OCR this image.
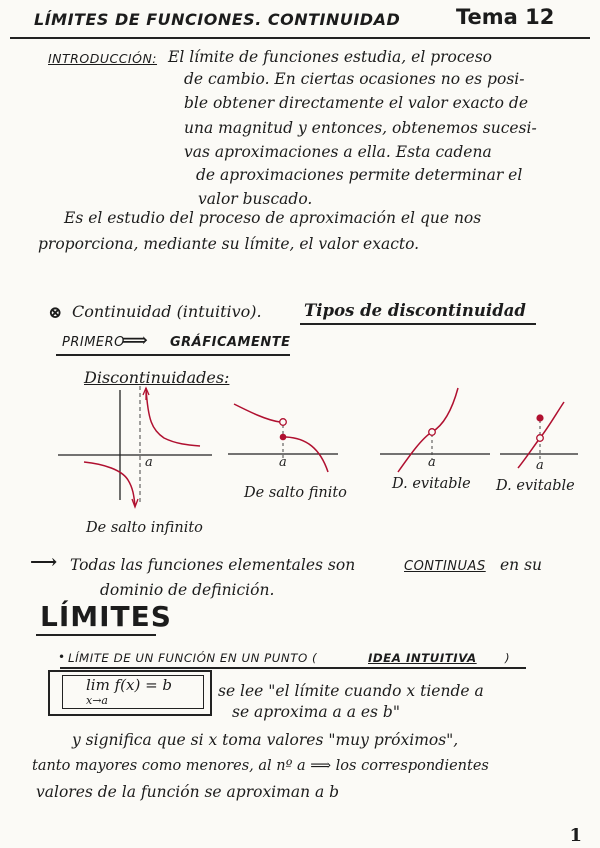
LÍMITES DE FUNCIONES. CONTINUIDAD	Tema 12
INTRODUCCIÓN: El límite de funciones estudia, el proceso
de cambio. En ciertas ocasiones no es posi-
ble obtener directamente el valor exacto de
una magnitud y entonces, obtenemos sucesi-
vas aproximaciones a ella. Esta cadena
de aproximaciones permite determinar el
valor buscado.
Es el estudio del proceso de aproximación el que nos
proporciona, mediante su límite, el valor exacto.
⊗ Continuidad (intuitivo).	Tipos de discontinuidad
PRIMERO
⟹ GRÁFICAMENTE
Discontinuidades:
a	a	a	a
De salto finito
D. evitable D. evitable
De salto infinito
⟶ Todas las funciones elementales son	CONTINUAS en su
dominio de definición.
LÍMITES
• LÍMITE DE UN FUNCIÓN EN UN PUNTO (	IDEA INTUITIVA )
lim f(x) = b
x→a
se lee "el límite cuando x tiende a
se aproxima a a es b"
y significa que si x toma valores "muy próximos",
tanto mayores como menores, al nº a ⟹ los correspondientes
valores de la función se aproximan a b
1
